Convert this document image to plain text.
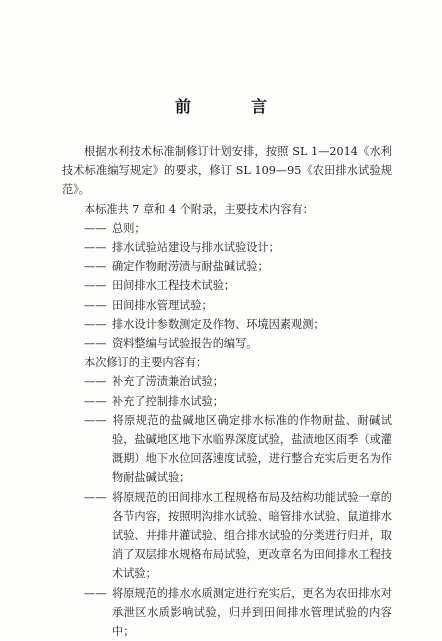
前　言

根据水利技术标准制修订计划安排，按照 SL 1—2014《水利技术标准编写规定》的要求，修订 SL 109—95《农田排水试验规范》。

本标准共 7 章和 4 个附录，主要技术内容有：

—— 总则；

—— 排水试验站建设与排水试验设计；

—— 确定作物耐涝渍与耐盐碱试验；

—— 田间排水工程技术试验；

—— 田间排水管理试验；

—— 排水设计参数测定及作物、环境因素观测；

—— 资料整编与试验报告的编写。

本次修订的主要内容有：

—— 补充了涝渍兼治试验；

—— 补充了控制排水试验；

—— 将原规范的盐碱地区确定排水标准的作物耐盐、耐碱试验，盐碱地区地下水临界深度试验，盐渍地区雨季（或灌溉期）地下水位回落速度试验，进行整合充实后更名为作物耐盐碱试验；

—— 将原规范的田间排水工程规格布局及结构功能试验一章的各节内容，按照明沟排水试验、暗管排水试验、鼠道排水试验、井排井灌试验、组合排水试验的分类进行归并，取消了双层排水规格布局试验，更改章名为田间排水工程技术试验；

—— 将原规范的排水水质测定进行充实后，更名为农田排水对承泄区水质影响试验，归并到田间排水管理试验的内容中；
